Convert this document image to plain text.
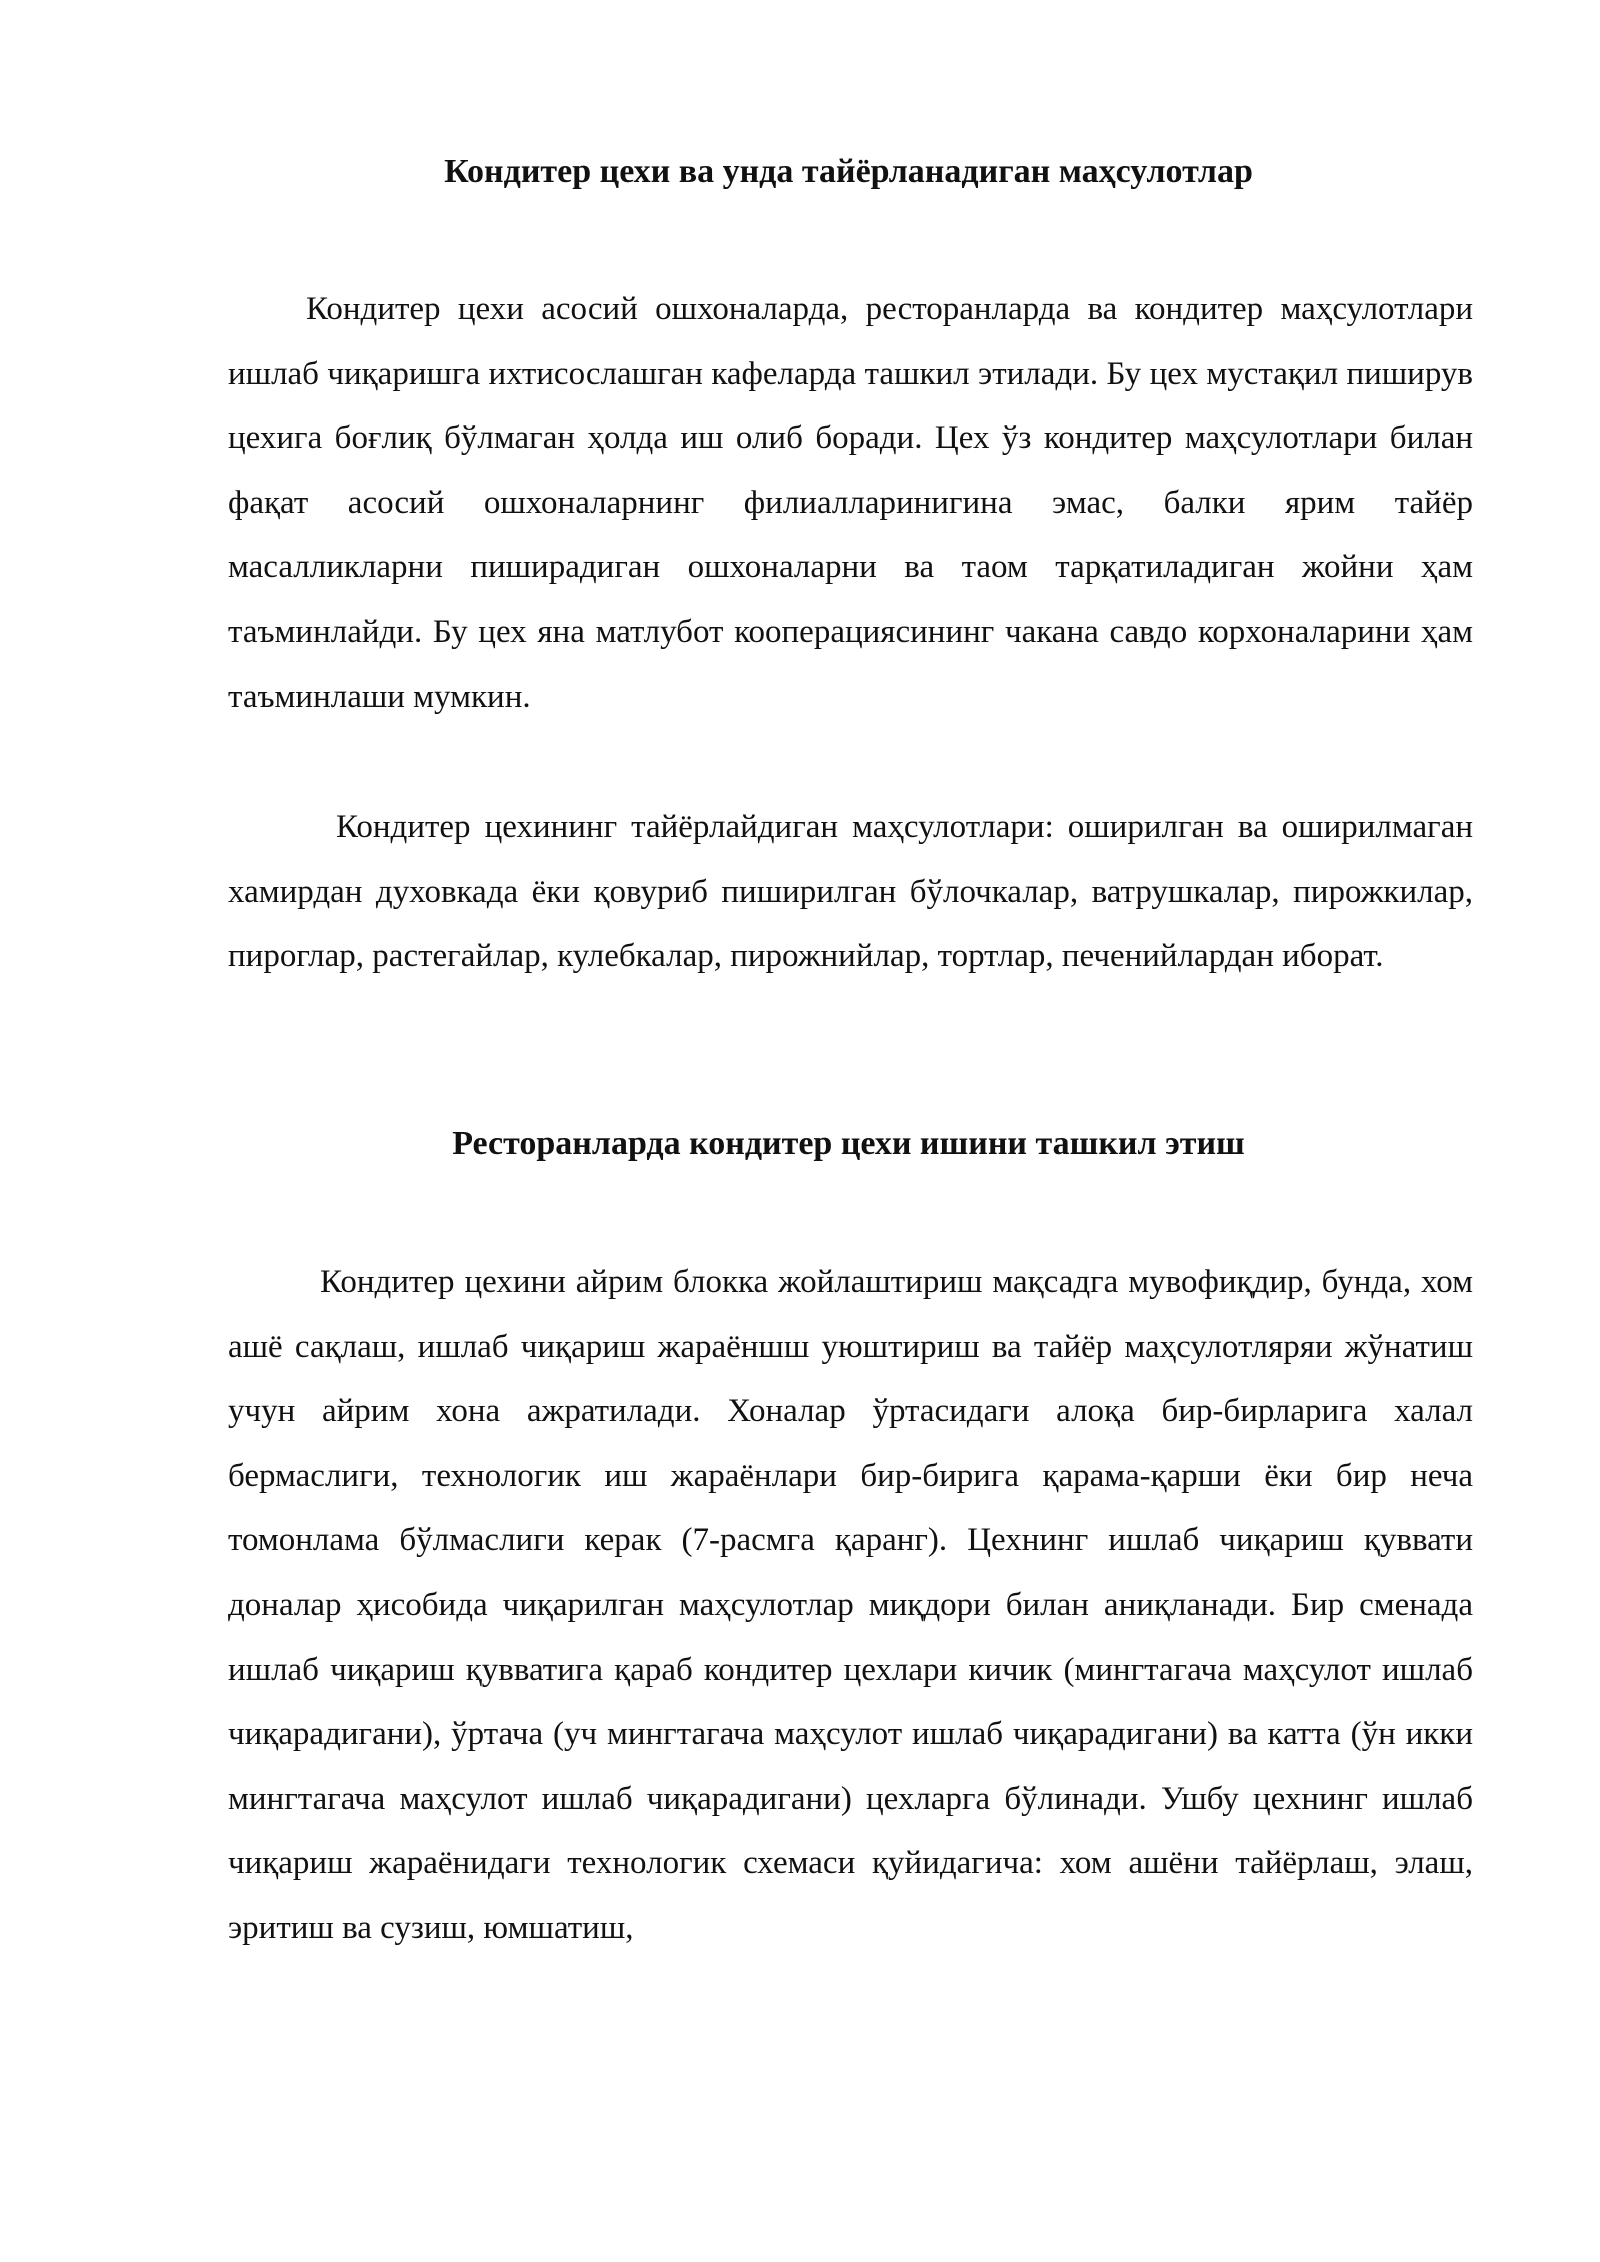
Кондитер цехи ва унда тайёрланадиган маҳсулотлар

Кондитер цехи асосий ошхоналарда, ресторанларда ва кондитер маҳсулотлари ишлаб чиқаришга ихтисослашган кафеларда ташкил этилади. Бу цех мустақил пиширув цехига боғлиқ бўлмаган ҳолда иш олиб боради. Цех ўз кондитер маҳсулотлари билан фақат асосий ошхоналарнинг филиалларинигина эмас, балки ярим тайёр масалликларни пиширадиган ошхоналарни ва таом тарқатиладиган жойни ҳам таъминлайди. Бу цех яна матлубот кооперациясининг чакана савдо корхоналарини ҳам таъминлаши мумкин.

Кондитер цехининг тайёрлайдиган маҳсулотлари: оширилган ва оширилмаган хамирдан духовкада ёки қовуриб пиширилган бўлочкалар, ватрушкалар, пирожкилар, пироглар, растегайлар, кулебкалар, пирожнийлар, тортлар, печенийлардан иборат.

Ресторанларда кондитер цехи ишини ташкил этиш

Кондитер цехини айрим блокка жойлаштириш мақсадга мувофиқдир, бунда, хом ашё сақлаш, ишлаб чиқариш жараёншш уюштириш ва тайёр маҳсулотляряи жўнатиш учун айрим хона ажратилади. Хоналар ўртасидаги алоқа бир-бирларига халал бермаслиги, технологик иш жараёнлари бир-бирига қарама-қарши ёки бир неча томонлама бўлмаслиги керак (7-расмга қаранг). Цехнинг ишлаб чиқариш қуввати доналар ҳисобида чиқарилган маҳсулотлар миқдори билан аниқланади. Бир сменада ишлаб чиқариш қувватига қараб кондитер цехлари кичик (мингтагача маҳсулот ишлаб чиқарадигани), ўртача (уч мингтагача маҳсулот ишлаб чиқарадигани) ва катта (ўн икки мингтагача маҳсулот ишлаб чиқарадигани) цехларга бўлинади. Ушбу цехнинг ишлаб чиқариш жараёнидаги технологик схемаси қуйидагича: хом ашёни тайёрлаш, элаш, эритиш ва сузиш, юмшатиш,
